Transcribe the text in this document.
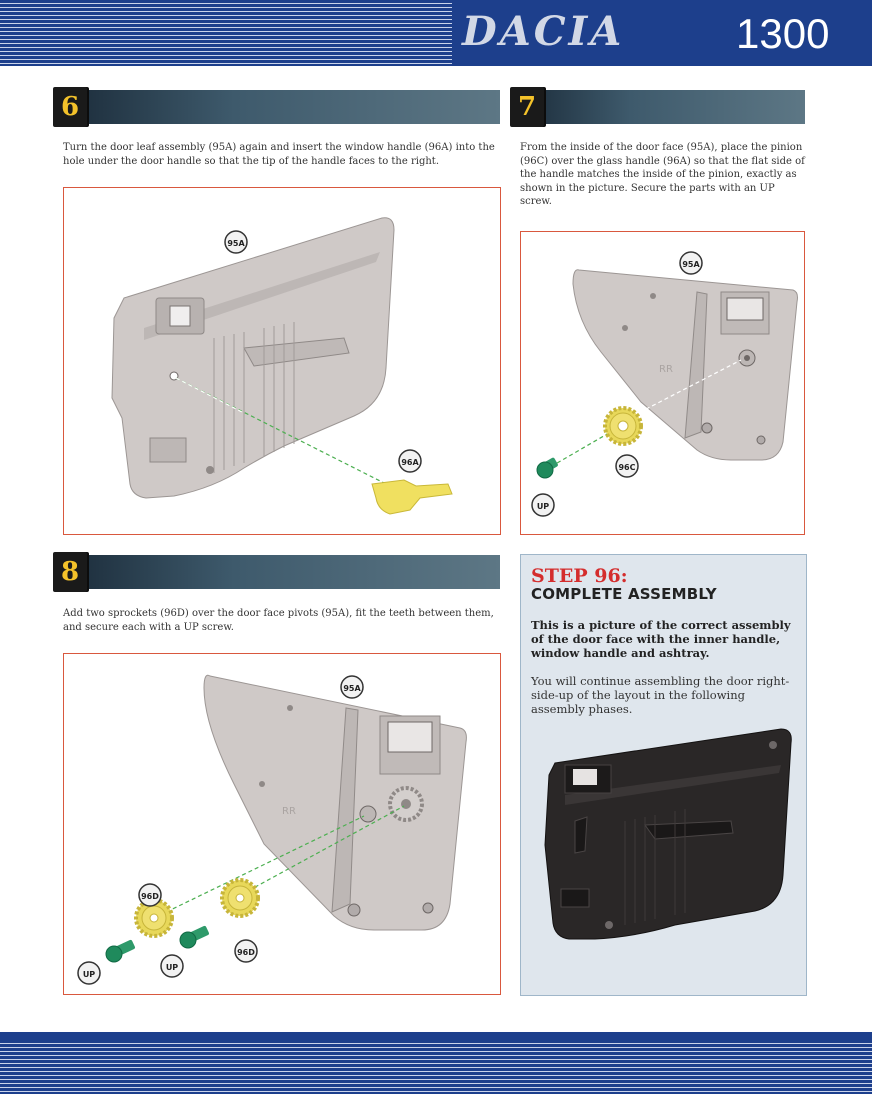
DACIA	1300
6
Turn the door leaf assembly (95A) again and insert the window handle (96A) into the hole under the door handle so that the tip of the handle faces to the right.
95A
96A
7
From the inside of the door face (95A), place the pinion (96C) over the glass handle (96A) so that the flat side of the handle matches the inside of the pinion, exactly as shown in the picture. Secure the parts with an UP screw.
RR
95A
96C
UP
8
Add two sprockets (96D) over the door face pivots (95A), fit the teeth between them, and secure each with a UP screw.
RR
95A
96D
96D
UP
UP
STEP 96:
COMPLETE ASSEMBLY
This is a picture of the correct assembly of the door face with the inner handle, window handle and ashtray.
You will continue assembling the door right-side-up of the layout in the following assembly phases.
